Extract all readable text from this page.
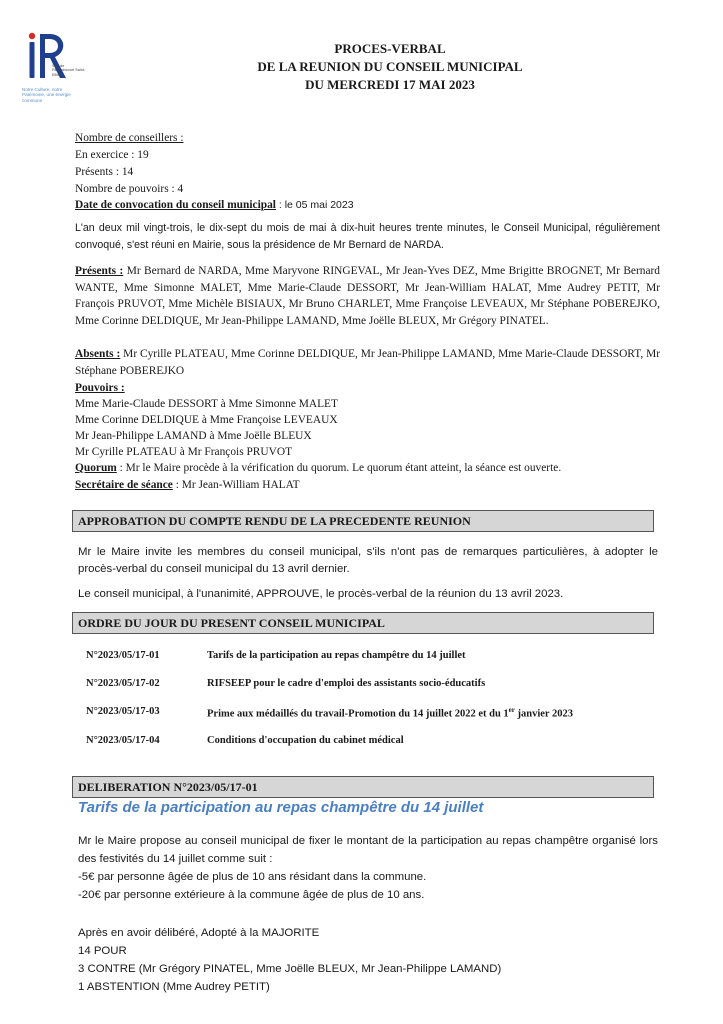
Ville de Ressaincourt Saint-Ellier
Notre Culture, notre Patrimoine, une énergie commune
PROCES-VERBAL
DE LA REUNION DU CONSEIL MUNICIPAL
DU MERCREDI 17 MAI 2023
Nombre de conseillers :
En exercice : 19
Présents : 14
Nombre de pouvoirs : 4
Date de convocation du conseil municipal : le 05 mai 2023
L'an deux mil vingt-trois, le dix-sept du mois de mai à dix-huit heures trente minutes, le Conseil Municipal, régulièrement convoqué, s'est réuni en Mairie, sous la présidence de Mr Bernard de NARDA.
Présents : Mr Bernard de NARDA, Mme Maryvone RINGEVAL, Mr Jean-Yves DEZ, Mme Brigitte BROGNET, Mr Bernard WANTE, Mme Simonne MALET, Mme Marie-Claude DESSORT, Mr Jean-William HALAT, Mme Audrey PETIT, Mr François PRUVOT, Mme Michèle BISIAUX, Mr Bruno CHARLET, Mme Françoise LEVEAUX, Mr Stéphane POBEREJKO, Mme Corinne DELDIQUE, Mr Jean-Philippe LAMAND, Mme Joëlle BLEUX, Mr Grégory PINATEL.
Absents : Mr Cyrille PLATEAU, Mme Corinne DELDIQUE, Mr Jean-Philippe LAMAND, Mme Marie-Claude DESSORT, Mr Stéphane POBEREJKO
Pouvoirs :
Mme Marie-Claude DESSORT à Mme Simonne MALET
Mme Corinne DELDIQUE à Mme Françoise LEVEAUX
Mr Jean-Philippe LAMAND à Mme Joëlle BLEUX
Mr Cyrille PLATEAU à Mr François PRUVOT
Quorum : Mr le Maire procède à la vérification du quorum. Le quorum étant atteint, la séance est ouverte.
Secrétaire de séance : Mr Jean-William HALAT
APPROBATION DU COMPTE RENDU DE LA PRECEDENTE REUNION
Mr le Maire invite les membres du conseil municipal, s'ils n'ont pas de remarques particulières, à adopter le procès-verbal du conseil municipal du 13 avril dernier.
Le conseil municipal, à l'unanimité, APPROUVE, le procès-verbal de la réunion du 13 avril 2023.
ORDRE DU JOUR DU PRESENT CONSEIL MUNICIPAL
N°2023/05/17-01	Tarifs de la participation au repas champêtre du 14 juillet
N°2023/05/17-02	RIFSEEP pour le cadre d'emploi des assistants socio-éducatifs
N°2023/05/17-03	Prime aux médaillés du travail-Promotion du 14 juillet 2022 et du 1er janvier 2023
N°2023/05/17-04	Conditions d'occupation du cabinet médical
DELIBERATION N°2023/05/17-01
Tarifs de la participation au repas champêtre du 14 juillet
Mr le Maire propose au conseil municipal de fixer le montant de la participation au repas champêtre organisé lors des festivités du 14 juillet comme suit :
-5€ par personne âgée de plus de 10 ans résidant dans la commune.
-20€ par personne extérieure à la commune âgée de plus de 10 ans.
Après en avoir délibéré, Adopté à la MAJORITE
14 POUR
3 CONTRE (Mr Grégory PINATEL, Mme Joëlle BLEUX, Mr Jean-Philippe LAMAND)
1 ABSTENTION (Mme Audrey PETIT)
